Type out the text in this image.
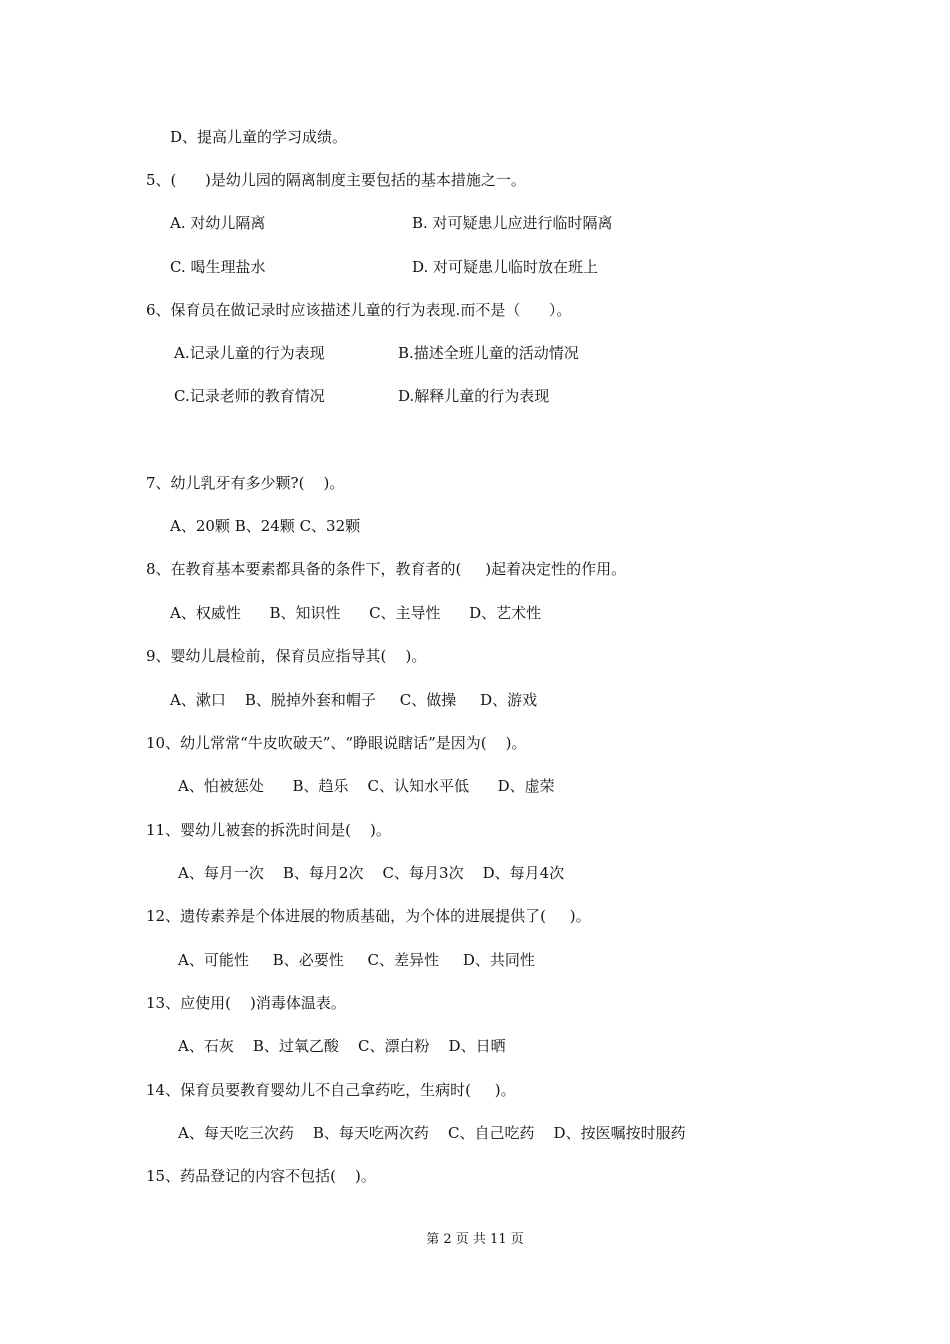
D、提高儿童的学习成绩。
5、(      )是幼儿园的隔离制度主要包括的基本措施之一。
A. 对幼儿隔离	B. 对可疑患儿应进行临时隔离
C. 喝生理盐水	D. 对可疑患儿临时放在班上
6、保育员在做记录时应该描述儿童的行为表现.而不是（      ）。
A.记录儿童的行为表现	B.描述全班儿童的活动情况
C.记录老师的教育情况	D.解释儿童的行为表现
7、幼儿乳牙有多少颗?(    )。
A、20颗 B、24颗 C、32颗
8、在教育基本要素都具备的条件下，教育者的(     )起着决定性的作用。
A、权威性      B、知识性      C、主导性      D、艺术性
9、婴幼儿晨检前，保育员应指导其(    )。
A、漱口    B、脱掉外套和帽子     C、做操     D、游戏
10、幼儿常常“牛皮吹破天”、“睁眼说瞎话”是因为(    )。
A、怕被惩处      B、趋乐    C、认知水平低      D、虚荣
11、婴幼儿被套的拆洗时间是(    )。
A、每月一次    B、每月2次    C、每月3次    D、每月4次
12、遗传素养是个体进展的物质基础，为个体的进展提供了(     )。
A、可能性     B、必要性     C、差异性     D、共同性
13、应使用(    )消毒体温表。
A、石灰    B、过氧乙酸    C、漂白粉    D、日晒
14、保育员要教育婴幼儿不自己拿药吃，生病时(     )。
A、每天吃三次药    B、每天吃两次药    C、自己吃药    D、按医嘱按时服药
15、药品登记的内容不包括(    )。
第 2 页 共 11 页
